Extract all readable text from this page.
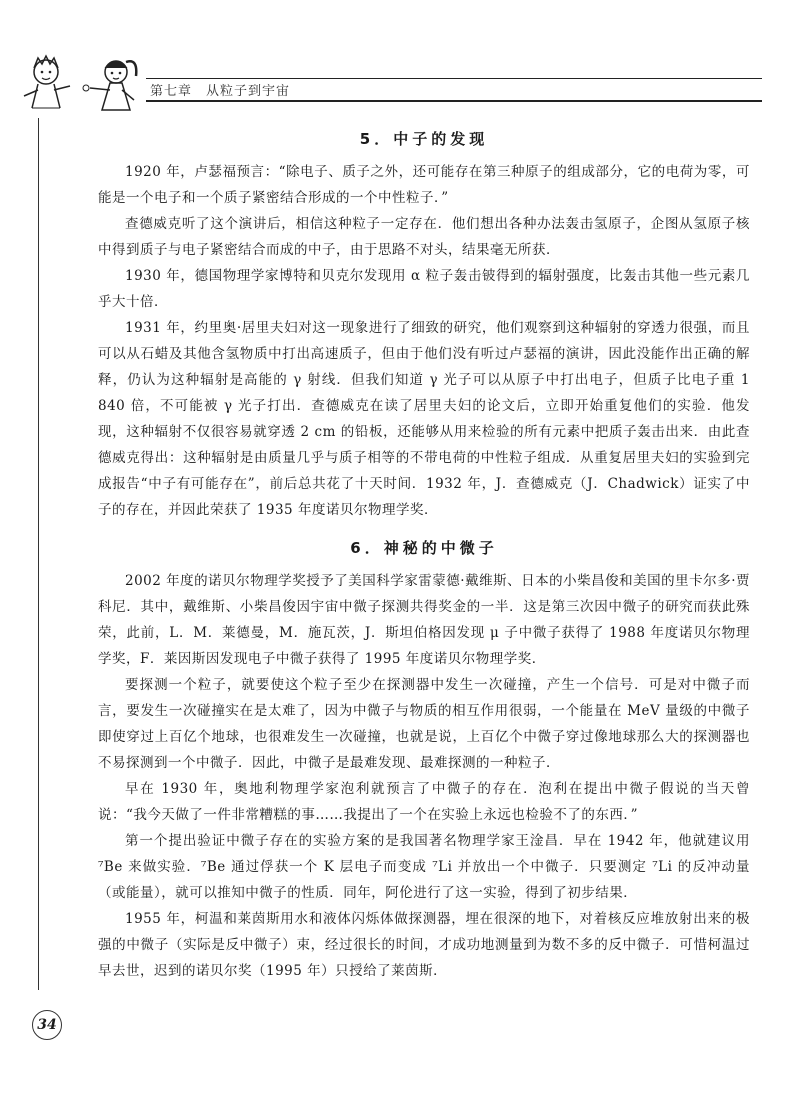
第七章　从粒子到宇宙
5．中子的发现

1920 年，卢瑟福预言：“除电子、质子之外，还可能存在第三种原子的组成部分，它的电荷为零，可能是一个电子和一个质子紧密结合形成的一个中性粒子．”

查德威克听了这个演讲后，相信这种粒子一定存在．他们想出各种办法轰击氢原子，企图从氢原子核中得到质子与电子紧密结合而成的中子，由于思路不对头，结果毫无所获．

1930 年，德国物理学家博特和贝克尔发现用 α 粒子轰击铍得到的辐射强度，比轰击其他一些元素几乎大十倍．

1931 年，约里奥·居里夫妇对这一现象进行了细致的研究，他们观察到这种辐射的穿透力很强，而且可以从石蜡及其他含氢物质中打出高速质子，但由于他们没有听过卢瑟福的演讲，因此没能作出正确的解释，仍认为这种辐射是高能的 γ 射线．但我们知道 γ 光子可以从原子中打出电子，但质子比电子重 1 840 倍，不可能被 γ 光子打出．查德威克在读了居里夫妇的论文后，立即开始重复他们的实验．他发现，这种辐射不仅很容易就穿透 2 cm 的铅板，还能够从用来检验的所有元素中把质子轰击出来．由此查德威克得出：这种辐射是由质量几乎与质子相等的不带电荷的中性粒子组成．从重复居里夫妇的实验到完成报告“中子有可能存在”，前后总共花了十天时间．1932 年，J．查德威克（J．Chadwick）证实了中子的存在，并因此荣获了 1935 年度诺贝尔物理学奖．

6．神秘的中微子

2002 年度的诺贝尔物理学奖授予了美国科学家雷蒙德·戴维斯、日本的小柴昌俊和美国的里卡尔多·贾科尼．其中，戴维斯、小柴昌俊因宇宙中微子探测共得奖金的一半．这是第三次因中微子的研究而获此殊荣，此前，L．M．莱德曼，M．施瓦茨，J．斯坦伯格因发现 μ 子中微子获得了 1988 年度诺贝尔物理学奖，F．莱因斯因发现电子中微子获得了 1995 年度诺贝尔物理学奖．

要探测一个粒子，就要使这个粒子至少在探测器中发生一次碰撞，产生一个信号．可是对中微子而言，要发生一次碰撞实在是太难了，因为中微子与物质的相互作用很弱，一个能量在 MeV 量级的中微子即使穿过上百亿个地球，也很难发生一次碰撞，也就是说，上百亿个中微子穿过像地球那么大的探测器也不易探测到一个中微子．因此，中微子是最难发现、最难探测的一种粒子．

早在 1930 年，奥地利物理学家泡利就预言了中微子的存在．泡利在提出中微子假说的当天曾说：“我今天做了一件非常糟糕的事……我提出了一个在实验上永远也检验不了的东西．”

第一个提出验证中微子存在的实验方案的是我国著名物理学家王淦昌．早在 1942 年，他就建议用 ⁷Be 来做实验．⁷Be 通过俘获一个 K 层电子而变成 ⁷Li 并放出一个中微子．只要测定 ⁷Li 的反冲动量（或能量），就可以推知中微子的性质．同年，阿伦进行了这一实验，得到了初步结果．

1955 年，柯温和莱茵斯用水和液体闪烁体做探测器，埋在很深的地下，对着核反应堆放射出来的极强的中微子（实际是反中微子）束，经过很长的时间，才成功地测量到为数不多的反中微子．可惜柯温过早去世，迟到的诺贝尔奖（1995 年）只授给了莱茵斯．

34
